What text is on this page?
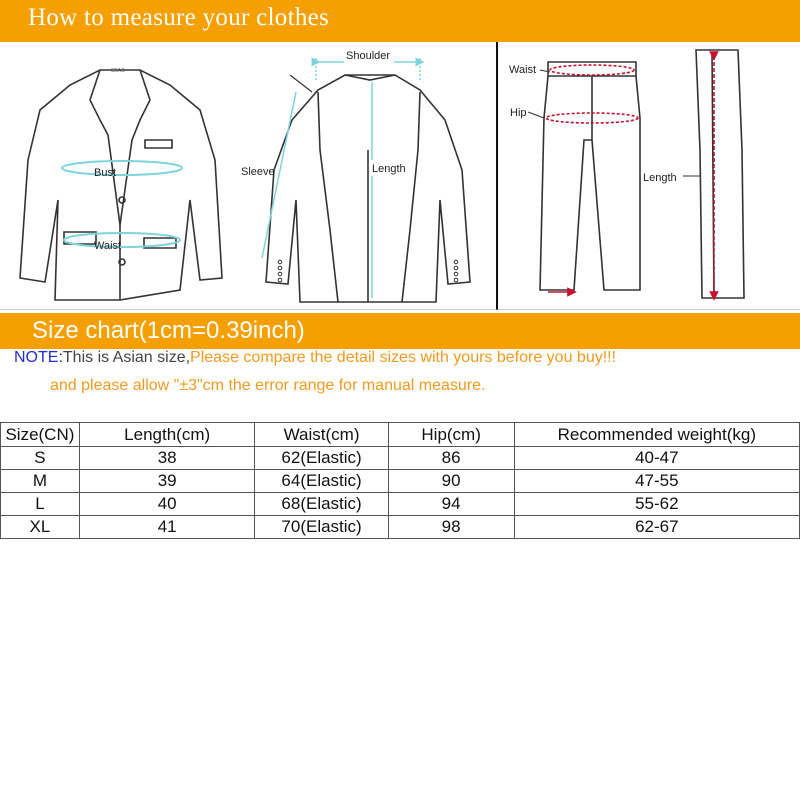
How to measure your clothes
Bust
Waist
SEAC
Shoulder
Sleeve	Length
Waist
Hip
Length
Size chart(1cm=0.39inch)
NOTE:This is Asian size,Please compare the detail sizes with yours before you buy!!!
and please allow "±3"cm the error range for manual measure.
Size(CN)	Length(cm)	Waist(cm)	Hip(cm)	Recommended weight(kg)
S	38	62(Elastic)	86	40-47
M	39	64(Elastic)	90	47-55
L	40	68(Elastic)	94	55-62
XL	41	70(Elastic)	98	62-67
